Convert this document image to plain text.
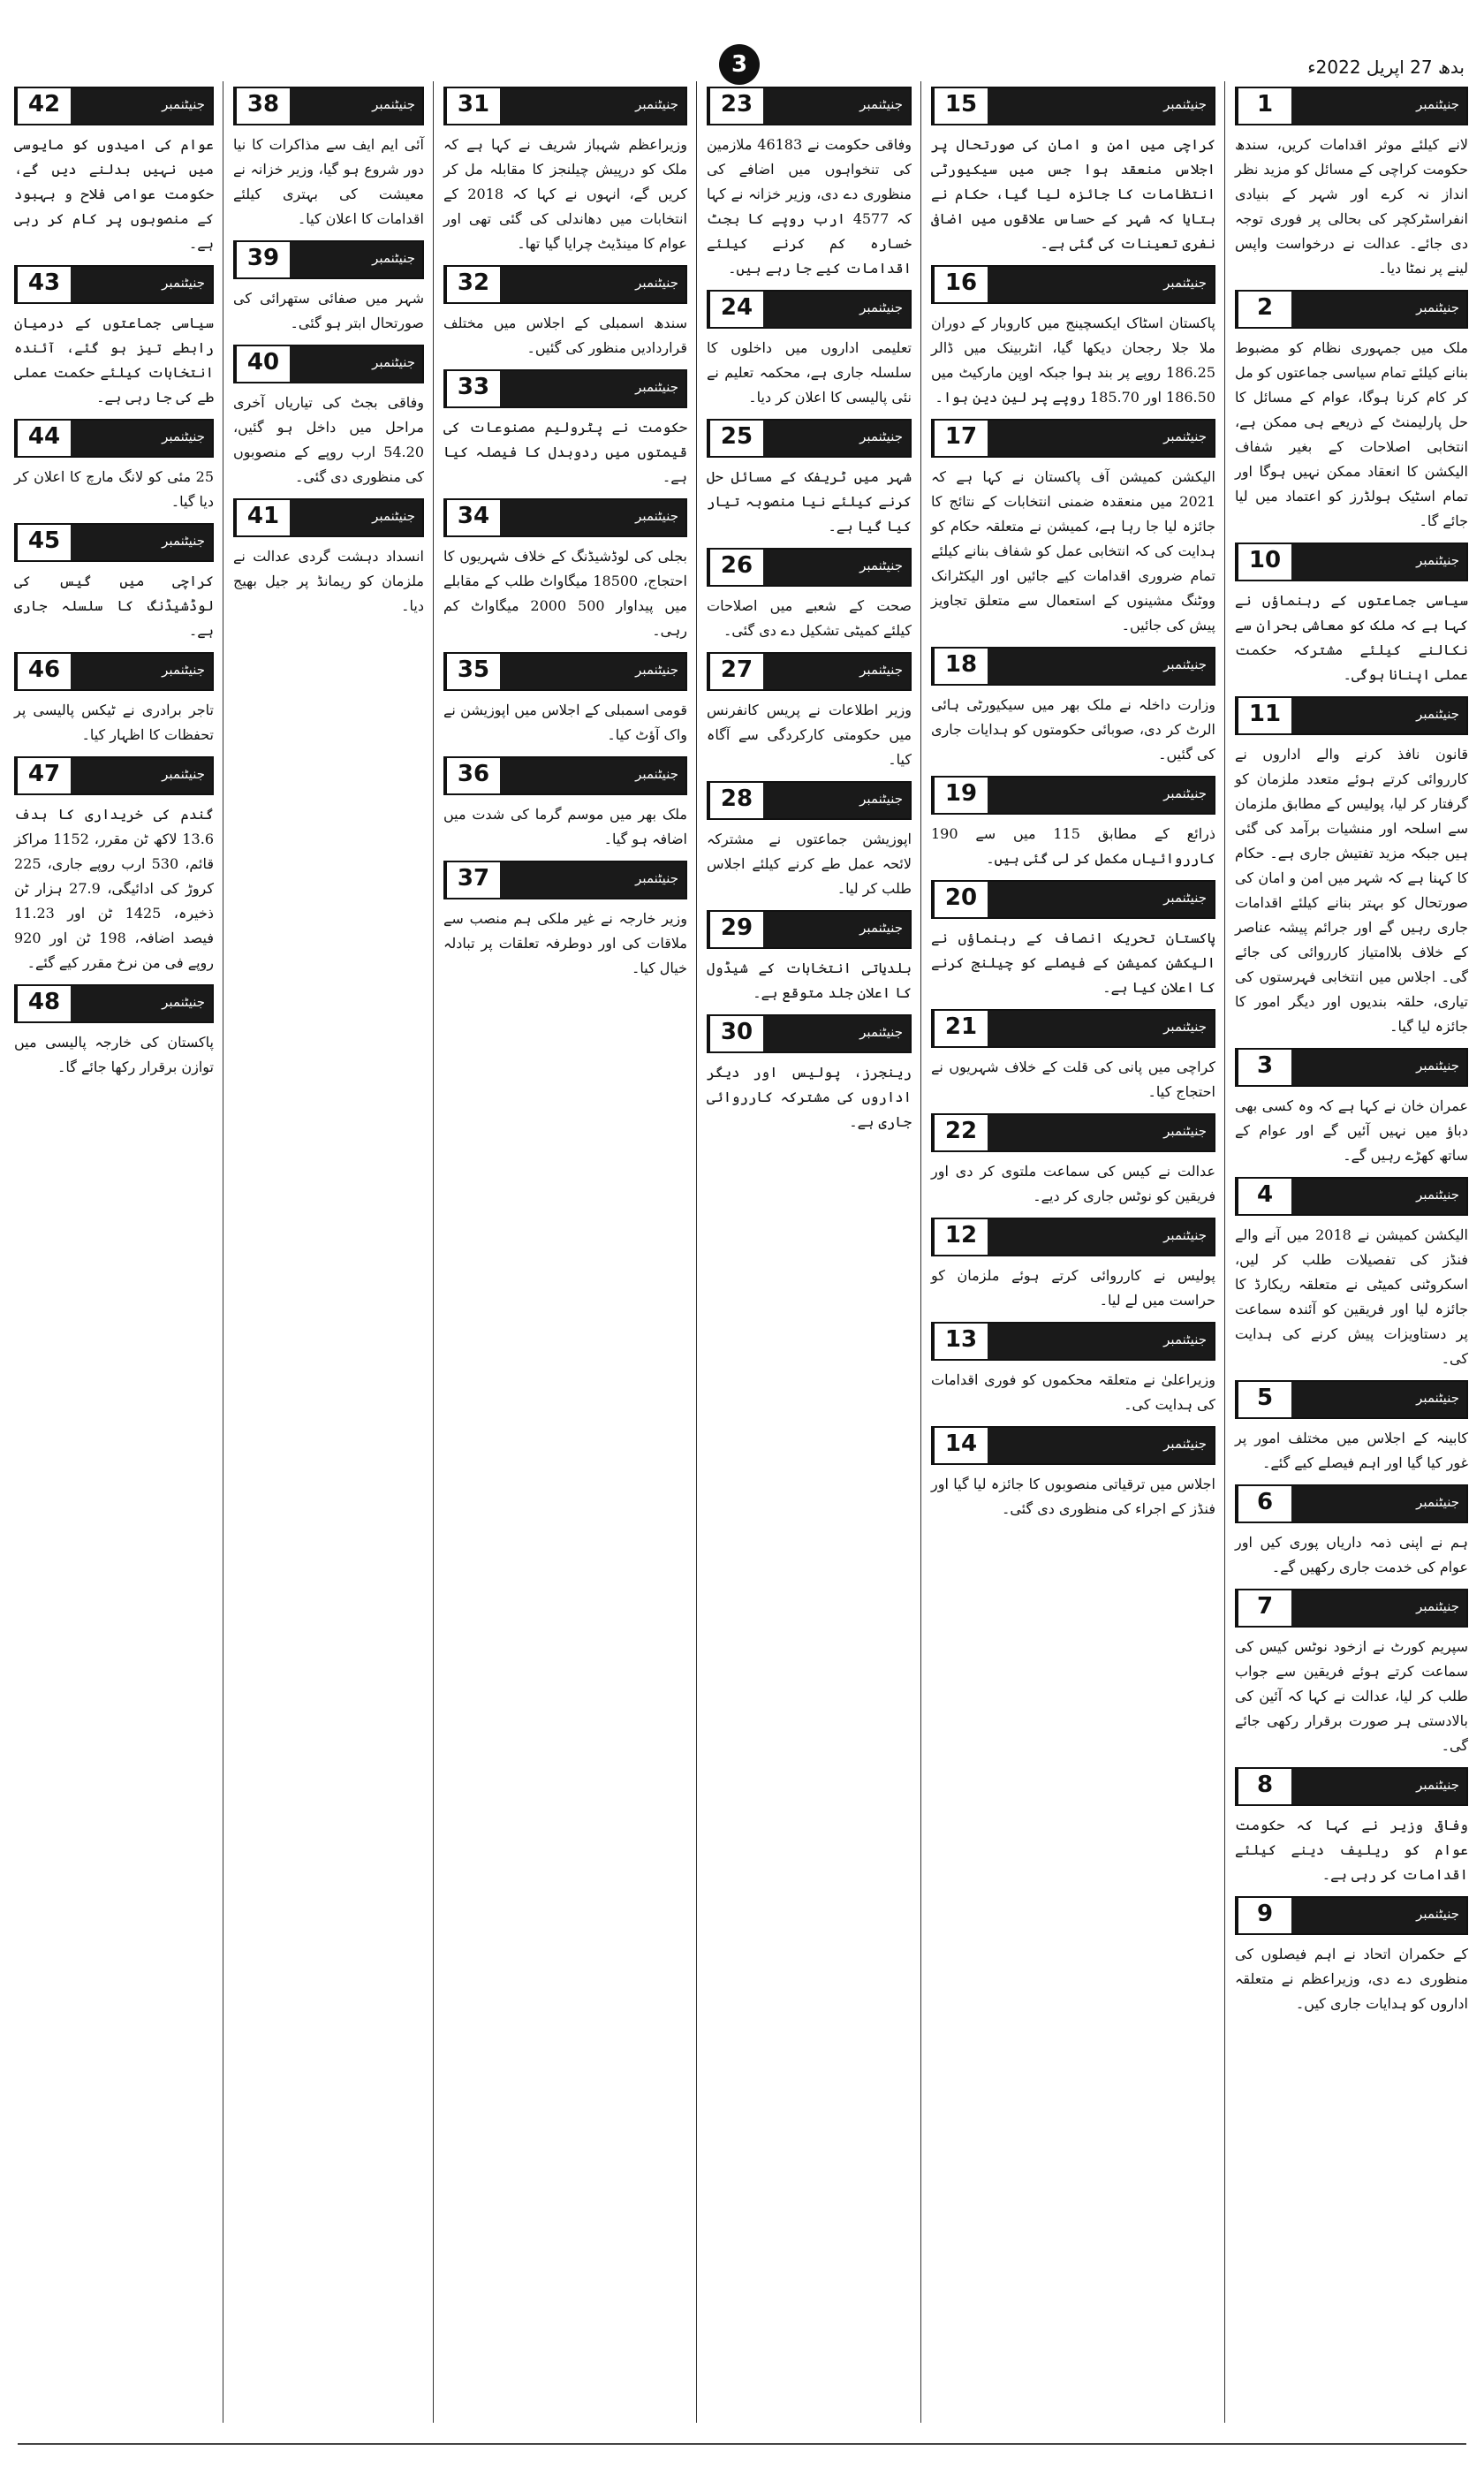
3	بدھ 27 اپریل 2022ء
1	جنیٹنمبر
لانے کیلئے موثر اقدامات کریں، سندھ حکومت کراچی کے مسائل کو مزید نظر انداز نہ کرے اور شہر کے بنیادی انفراسٹرکچر کی بحالی پر فوری توجہ دی جائے۔ عدالت نے درخواست واپس لینے پر نمٹا دیا۔
2	جنیٹنمبر
ملک میں جمہوری نظام کو مضبوط بنانے کیلئے تمام سیاسی جماعتوں کو مل کر کام کرنا ہوگا، عوام کے مسائل کا حل پارلیمنٹ کے ذریعے ہی ممکن ہے، انتخابی اصلاحات کے بغیر شفاف الیکشن کا انعقاد ممکن نہیں ہوگا اور تمام اسٹیک ہولڈرز کو اعتماد میں لیا جائے گا۔
10	جنیٹنمبر
سیاسی جماعتوں کے رہنماؤں نے کہا ہے کہ ملک کو معاشی بحران سے نکالنے کیلئے مشترکہ حکمت عملی اپنانا ہوگی۔
11	جنیٹنمبر
قانون نافذ کرنے والے اداروں نے کارروائی کرتے ہوئے متعدد ملزمان کو گرفتار کر لیا، پولیس کے مطابق ملزمان سے اسلحہ اور منشیات برآمد کی گئی ہیں جبکہ مزید تفتیش جاری ہے۔ حکام کا کہنا ہے کہ شہر میں امن و امان کی صورتحال کو بہتر بنانے کیلئے اقدامات جاری رہیں گے اور جرائم پیشہ عناصر کے خلاف بلاامتیاز کارروائی کی جائے گی۔ اجلاس میں انتخابی فہرستوں کی تیاری، حلقہ بندیوں اور دیگر امور کا جائزہ لیا گیا۔
3	جنیٹنمبر
عمران خان نے کہا ہے کہ وہ کسی بھی دباؤ میں نہیں آئیں گے اور عوام کے ساتھ کھڑے رہیں گے۔
4	جنیٹنمبر
الیکشن کمیشن نے 2018 میں آنے والے فنڈز کی تفصیلات طلب کر لیں، اسکروٹنی کمیٹی نے متعلقہ ریکارڈ کا جائزہ لیا اور فریقین کو آئندہ سماعت پر دستاویزات پیش کرنے کی ہدایت کی۔
5	جنیٹنمبر
کابینہ کے اجلاس میں مختلف امور پر غور کیا گیا اور اہم فیصلے کیے گئے۔
6	جنیٹنمبر
ہم نے اپنی ذمہ داریاں پوری کیں اور عوام کی خدمت جاری رکھیں گے۔
7	جنیٹنمبر
سپریم کورٹ نے ازخود نوٹس کیس کی سماعت کرتے ہوئے فریقین سے جواب طلب کر لیا، عدالت نے کہا کہ آئین کی بالادستی ہر صورت برقرار رکھی جائے گی۔
8	جنیٹنمبر
وفاقی وزیر نے کہا کہ حکومت عوام کو ریلیف دینے کیلئے اقدامات کر رہی ہے۔
9	جنیٹنمبر
کے حکمران اتحاد نے اہم فیصلوں کی منظوری دے دی، وزیراعظم نے متعلقہ اداروں کو ہدایات جاری کیں۔
15	جنیٹنمبر
کراچی میں امن و امان کی صورتحال پر اجلاس منعقد ہوا جس میں سیکیورٹی انتظامات کا جائزہ لیا گیا، حکام نے بتایا کہ شہر کے حساس علاقوں میں اضافی نفری تعینات کی گئی ہے۔
16	جنیٹنمبر
پاکستان اسٹاک ایکسچینج میں کاروبار کے دوران ملا جلا رجحان دیکھا گیا، انٹربینک میں ڈالر 186.25 روپے پر بند ہوا جبکہ اوپن مارکیٹ میں 186.50 اور 185.70 روپے پر لین دین ہوا۔
17	جنیٹنمبر
الیکشن کمیشن آف پاکستان نے کہا ہے کہ 2021 میں منعقدہ ضمنی انتخابات کے نتائج کا جائزہ لیا جا رہا ہے، کمیشن نے متعلقہ حکام کو ہدایت کی کہ انتخابی عمل کو شفاف بنانے کیلئے تمام ضروری اقدامات کیے جائیں اور الیکٹرانک ووٹنگ مشینوں کے استعمال سے متعلق تجاویز پیش کی جائیں۔
18	جنیٹنمبر
وزارت داخلہ نے ملک بھر میں سیکیورٹی ہائی الرٹ کر دی، صوبائی حکومتوں کو ہدایات جاری کی گئیں۔
19	جنیٹنمبر
ذرائع کے مطابق 115 میں سے 190 کارروائیاں مکمل کر لی گئی ہیں۔
20	جنیٹنمبر
پاکستان تحریک انصاف کے رہنماؤں نے الیکشن کمیشن کے فیصلے کو چیلنج کرنے کا اعلان کیا ہے۔
21	جنیٹنمبر
کراچی میں پانی کی قلت کے خلاف شہریوں نے احتجاج کیا۔
22	جنیٹنمبر
عدالت نے کیس کی سماعت ملتوی کر دی اور فریقین کو نوٹس جاری کر دیے۔
12	جنیٹنمبر
پولیس نے کارروائی کرتے ہوئے ملزمان کو حراست میں لے لیا۔
13	جنیٹنمبر
وزیراعلیٰ نے متعلقہ محکموں کو فوری اقدامات کی ہدایت کی۔
14	جنیٹنمبر
اجلاس میں ترقیاتی منصوبوں کا جائزہ لیا گیا اور فنڈز کے اجراء کی منظوری دی گئی۔
23	جنیٹنمبر
وفاقی حکومت نے 46183 ملازمین کی تنخواہوں میں اضافے کی منظوری دے دی، وزیر خزانہ نے کہا کہ 4577 ارب روپے کا بجٹ خسارہ کم کرنے کیلئے اقدامات کیے جا رہے ہیں۔
24	جنیٹنمبر
تعلیمی اداروں میں داخلوں کا سلسلہ جاری ہے، محکمہ تعلیم نے نئی پالیسی کا اعلان کر دیا۔
25	جنیٹنمبر
شہر میں ٹریفک کے مسائل حل کرنے کیلئے نیا منصوبہ تیار کیا گیا ہے۔
26	جنیٹنمبر
صحت کے شعبے میں اصلاحات کیلئے کمیٹی تشکیل دے دی گئی۔
27	جنیٹنمبر
وزیر اطلاعات نے پریس کانفرنس میں حکومتی کارکردگی سے آگاہ کیا۔
28	جنیٹنمبر
اپوزیشن جماعتوں نے مشترکہ لائحہ عمل طے کرنے کیلئے اجلاس طلب کر لیا۔
29	جنیٹنمبر
بلدیاتی انتخابات کے شیڈول کا اعلان جلد متوقع ہے۔
30	جنیٹنمبر
رینجرز، پولیس اور دیگر اداروں کی مشترکہ کارروائی جاری ہے۔
31	جنیٹنمبر
وزیراعظم شہباز شریف نے کہا ہے کہ ملک کو درپیش چیلنجز کا مقابلہ مل کر کریں گے، انہوں نے کہا کہ 2018 کے انتخابات میں دھاندلی کی گئی تھی اور عوام کا مینڈیٹ چرایا گیا تھا۔
32	جنیٹنمبر
سندھ اسمبلی کے اجلاس میں مختلف قراردادیں منظور کی گئیں۔
33	جنیٹنمبر
حکومت نے پٹرولیم مصنوعات کی قیمتوں میں ردوبدل کا فیصلہ کیا ہے۔
34	جنیٹنمبر
بجلی کی لوڈشیڈنگ کے خلاف شہریوں کا احتجاج، 18500 میگاواٹ طلب کے مقابلے میں پیداوار 500 2000 میگاواٹ کم رہی۔
35	جنیٹنمبر
قومی اسمبلی کے اجلاس میں اپوزیشن نے واک آؤٹ کیا۔
36	جنیٹنمبر
ملک بھر میں موسم گرما کی شدت میں اضافہ ہو گیا۔
37	جنیٹنمبر
وزیر خارجہ نے غیر ملکی ہم منصب سے ملاقات کی اور دوطرفہ تعلقات پر تبادلہ خیال کیا۔
38	جنیٹنمبر
آئی ایم ایف سے مذاکرات کا نیا دور شروع ہو گیا، وزیر خزانہ نے معیشت کی بہتری کیلئے اقدامات کا اعلان کیا۔
39	جنیٹنمبر
شہر میں صفائی ستھرائی کی صورتحال ابتر ہو گئی۔
40	جنیٹنمبر
وفاقی بجٹ کی تیاریاں آخری مراحل میں داخل ہو گئیں، 54.20 ارب روپے کے منصوبوں کی منظوری دی گئی۔
41	جنیٹنمبر
انسداد دہشت گردی عدالت نے ملزمان کو ریمانڈ پر جیل بھیج دیا۔
42	جنیٹنمبر
عوام کی امیدوں کو مایوسی میں نہیں بدلنے دیں گے، حکومت عوامی فلاح و بہبود کے منصوبوں پر کام کر رہی ہے۔
43	جنیٹنمبر
سیاسی جماعتوں کے درمیان رابطے تیز ہو گئے، آئندہ انتخابات کیلئے حکمت عملی طے کی جا رہی ہے۔
44	جنیٹنمبر
25 مئی کو لانگ مارچ کا اعلان کر دیا گیا۔
45	جنیٹنمبر
کراچی میں گیس کی لوڈشیڈنگ کا سلسلہ جاری ہے۔
46	جنیٹنمبر
تاجر برادری نے ٹیکس پالیسی پر تحفظات کا اظہار کیا۔
47	جنیٹنمبر
گندم کی خریداری کا ہدف 13.6 لاکھ ٹن مقرر، 1152 مراکز قائم، 530 ارب روپے جاری، 225 کروڑ کی ادائیگی، 27.9 ہزار ٹن ذخیرہ، 1425 ٹن اور 11.23 فیصد اضافہ، 198 ٹن اور 920 روپے فی من نرخ مقرر کیے گئے۔
48	جنیٹنمبر
پاکستان کی خارجہ پالیسی میں توازن برقرار رکھا جائے گا۔
